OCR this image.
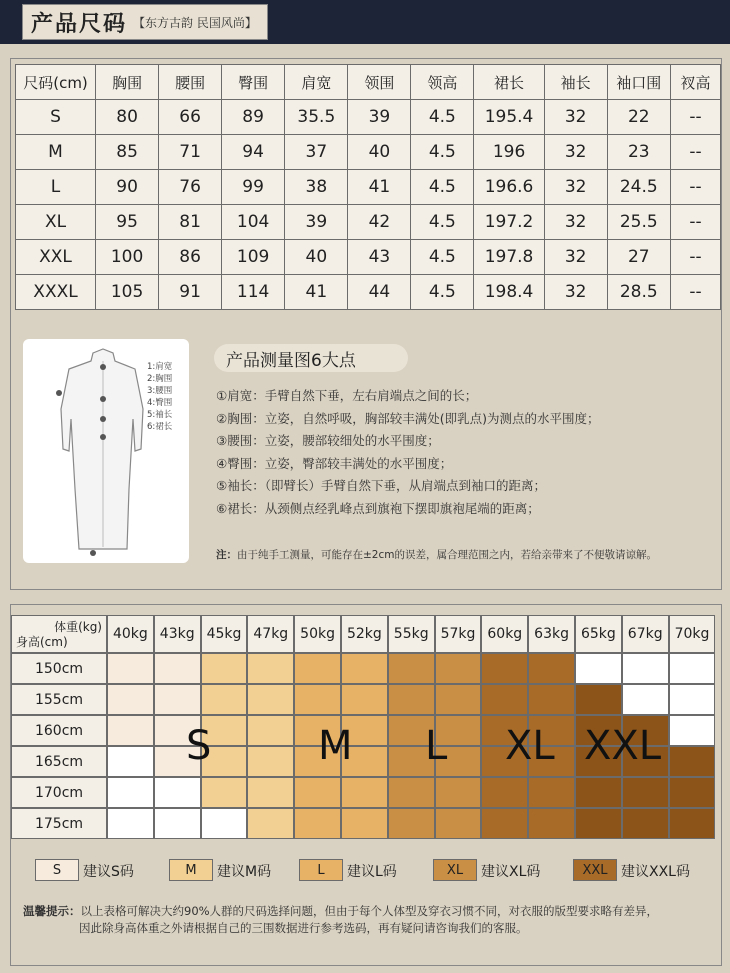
产品尺码 【东方古韵 民国风尚】
尺码(cm)	胸围	腰围	臀围	肩宽	领围	领高	裙长	袖长	袖口围	衩高
S	80	66	89	35.5	39	4.5	195.4	32	22	--
M	85	71	94	37	40	4.5	196	32	23	--
L	90	76	99	38	41	4.5	196.6	32	24.5	--
XL	95	81	104	39	42	4.5	197.2	32	25.5	--
XXL	100	86	109	40	43	4.5	197.8	32	27	--
XXXL	105	91	114	41	44	4.5	198.4	32	28.5	--
1:肩宽
2:胸围
3:腰围
4:臀围
5:袖长
6:裙长
产品测量图6大点
①肩宽：手臂自然下垂，左右肩端点之间的长；
②胸围：立姿，自然呼吸，胸部较丰满处(即乳点)为测点的水平围度；
③腰围：立姿，腰部较细处的水平围度；
④臀围：立姿，臀部较丰满处的水平围度；
⑤袖长：（即臂长）手臂自然下垂，从肩端点到袖口的距离；
⑥裙长：从颈侧点经乳峰点到旗袍下摆即旗袍尾端的距离；
注：由于纯手工测量，可能存在±2cm的误差，属合理范围之内，若给亲带来了不便敬请谅解。
体重(kg)
身高(cm)	40kg 43kg 45kg 47kg 50kg 52kg 55kg 57kg 60kg 63kg 65kg 67kg 70kg
150cm
155cm
160cm
165cm
170cm
175cm
S	M L XL XXL
S	建议S码	M	建议M码	L	建议L码	XL	建议XL码	XXL 建议XXL码
温馨提示：以上表格可解决大约90%人群的尺码选择问题，但由于每个人体型及穿衣习惯不同，对衣服的版型要求略有差异，
因此除身高体重之外请根据自己的三围数据进行参考选码，再有疑问请咨询我们的客服。
